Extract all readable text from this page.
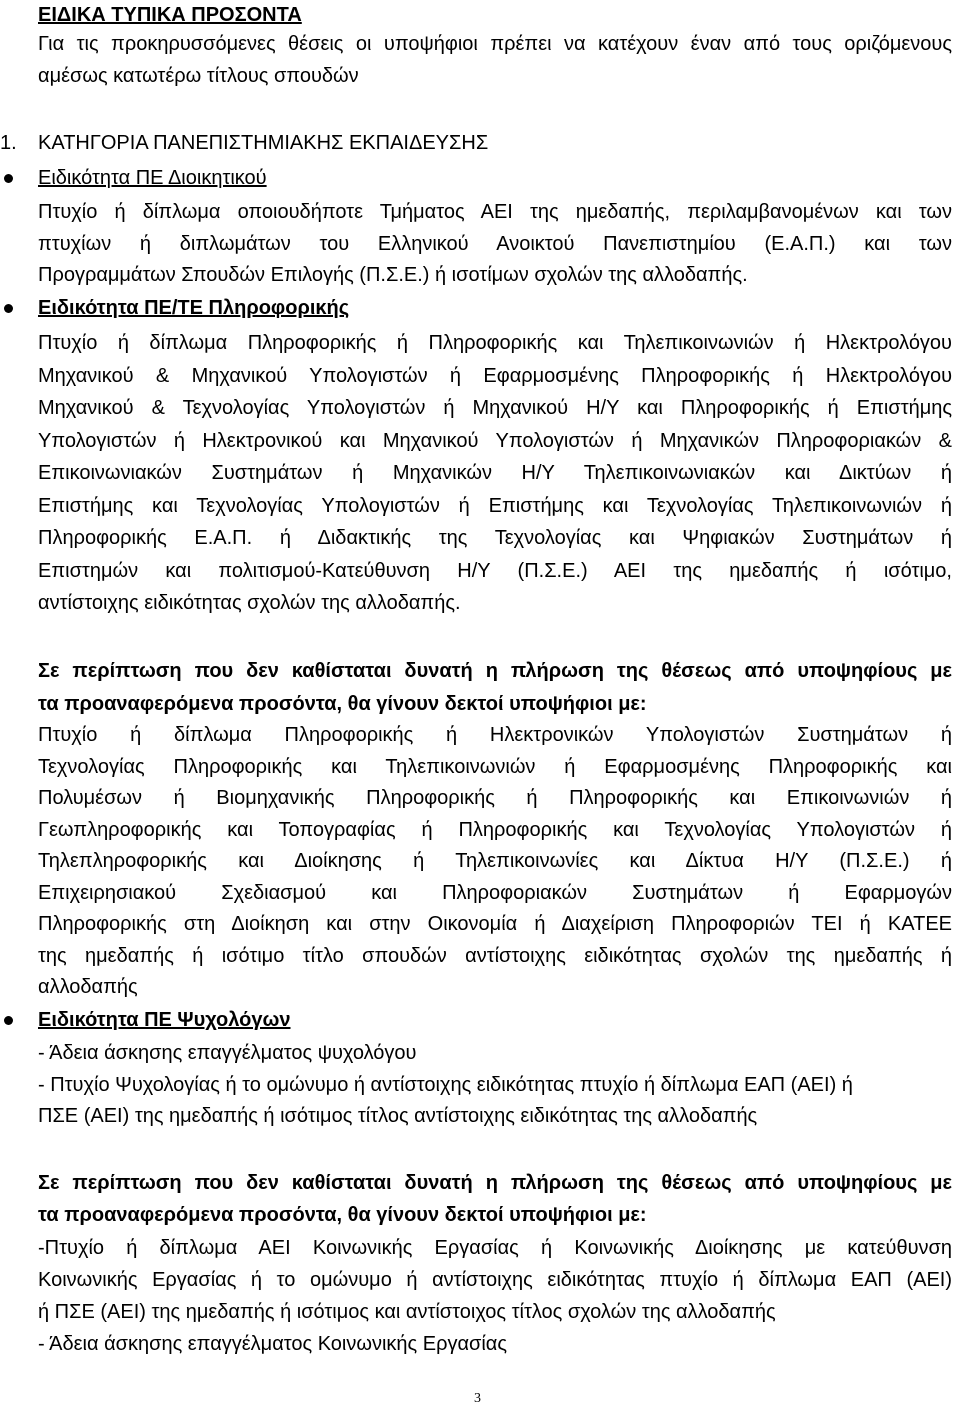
ΕΙΔΙΚΑ ΤΥΠΙΚΑ ΠΡΟΣΟΝΤΑ
Για τις προκηρυσσόμενες θέσεις οι υποψήφιοι πρέπει να κατέχουν έναν από τους οριζόμενους
αμέσως κατωτέρω τίτλους σπουδών
1. ΚΑΤΗΓΟΡΙΑ ΠΑΝΕΠΙΣΤΗΜΙΑΚΗΣ ΕΚΠΑΙΔΕΥΣΗΣ
Ειδικότητα ΠΕ Διοικητικού
Πτυχίο ή δίπλωμα οποιουδήποτε Τμήματος ΑΕΙ της ημεδαπής, περιλαμβανομένων και των
πτυχίων ή διπλωμάτων του Ελληνικού Ανοικτού Πανεπιστημίου (Ε.Α.Π.) και των
Προγραμμάτων Σπουδών Επιλογής (Π.Σ.Ε.) ή ισοτίμων σχολών της αλλοδαπής.
Ειδικότητα ΠΕ/ΤΕ Πληροφορικής
Πτυχίο ή δίπλωμα Πληροφορικής ή Πληροφορικής και Τηλεπικοινωνιών ή Ηλεκτρολόγου
Μηχανικού & Μηχανικού Υπολογιστών ή Εφαρμοσμένης Πληροφορικής ή Ηλεκτρολόγου
Μηχανικού & Τεχνολογίας Υπολογιστών ή Μηχανικού Η/Υ και Πληροφορικής ή Επιστήμης
Υπολογιστών ή Ηλεκτρονικού και Μηχανικού Υπολογιστών ή Μηχανικών Πληροφοριακών &
Επικοινωνιακών Συστημάτων ή Μηχανικών Η/Υ Τηλεπικοινωνιακών και Δικτύων ή
Επιστήμης και Τεχνολογίας Υπολογιστών ή Επιστήμης και Τεχνολογίας Τηλεπικοινωνιών ή
Πληροφορικής Ε.Α.Π. ή Διδακτικής της Τεχνολογίας και Ψηφιακών Συστημάτων ή
Επιστημών και πολιτισμού-Κατεύθυνση Η/Υ (Π.Σ.Ε.) ΑΕΙ της ημεδαπής ή ισότιμο,
αντίστοιχης ειδικότητας σχολών της αλλοδαπής.
Σε περίπτωση που δεν καθίσταται δυνατή η πλήρωση της θέσεως από υποψηφίους με
τα προαναφερόμενα προσόντα, θα γίνουν δεκτοί υποψήφιοι με:
Πτυχίο ή δίπλωμα Πληροφορικής ή Ηλεκτρονικών Υπολογιστών Συστημάτων ή
Τεχνολογίας Πληροφορικής και Τηλεπικοινωνιών ή Εφαρμοσμένης Πληροφορικής και
Πολυμέσων ή Βιομηχανικής Πληροφορικής ή Πληροφορικής και Επικοινωνιών ή
Γεωπληροφορικής και Τοπογραφίας ή Πληροφορικής και Τεχνολογίας Υπολογιστών ή
Τηλεπληροφορικής και Διοίκησης ή Τηλεπικοινωνίες και Δίκτυα Η/Υ (Π.Σ.Ε.) ή
Επιχειρησιακού Σχεδιασμού και Πληροφοριακών Συστημάτων ή Εφαρμογών
Πληροφορικής στη Διοίκηση και στην Οικονομία ή Διαχείριση Πληροφοριών ΤΕΙ ή ΚΑΤΕΕ
της ημεδαπής ή ισότιμο τίτλο σπουδών αντίστοιχης ειδικότητας σχολών της ημεδαπής ή
αλλοδαπής
Ειδικότητα ΠΕ Ψυχολόγων
- Άδεια άσκησης επαγγέλματος ψυχολόγου
- Πτυχίο Ψυχολογίας ή το ομώνυμο ή αντίστοιχης ειδικότητας πτυχίο ή δίπλωμα ΕΑΠ (ΑΕΙ) ή
ΠΣΕ (ΑΕΙ) της ημεδαπής ή ισότιμος τίτλος αντίστοιχης ειδικότητας της αλλοδαπής
Σε περίπτωση που δεν καθίσταται δυνατή η πλήρωση της θέσεως από υποψηφίους με
τα προαναφερόμενα προσόντα, θα γίνουν δεκτοί υποψήφιοι με:
-Πτυχίο ή δίπλωμα ΑΕΙ Κοινωνικής Εργασίας ή Κοινωνικής Διοίκησης με κατεύθυνση
Κοινωνικής Εργασίας ή το ομώνυμο ή αντίστοιχης ειδικότητας πτυχίο ή δίπλωμα ΕΑΠ (ΑΕΙ)
ή ΠΣΕ (ΑΕΙ) της ημεδαπής ή ισότιμος και αντίστοιχος τίτλος σχολών της αλλοδαπής
- Άδεια άσκησης επαγγέλματος Κοινωνικής Εργασίας
3
